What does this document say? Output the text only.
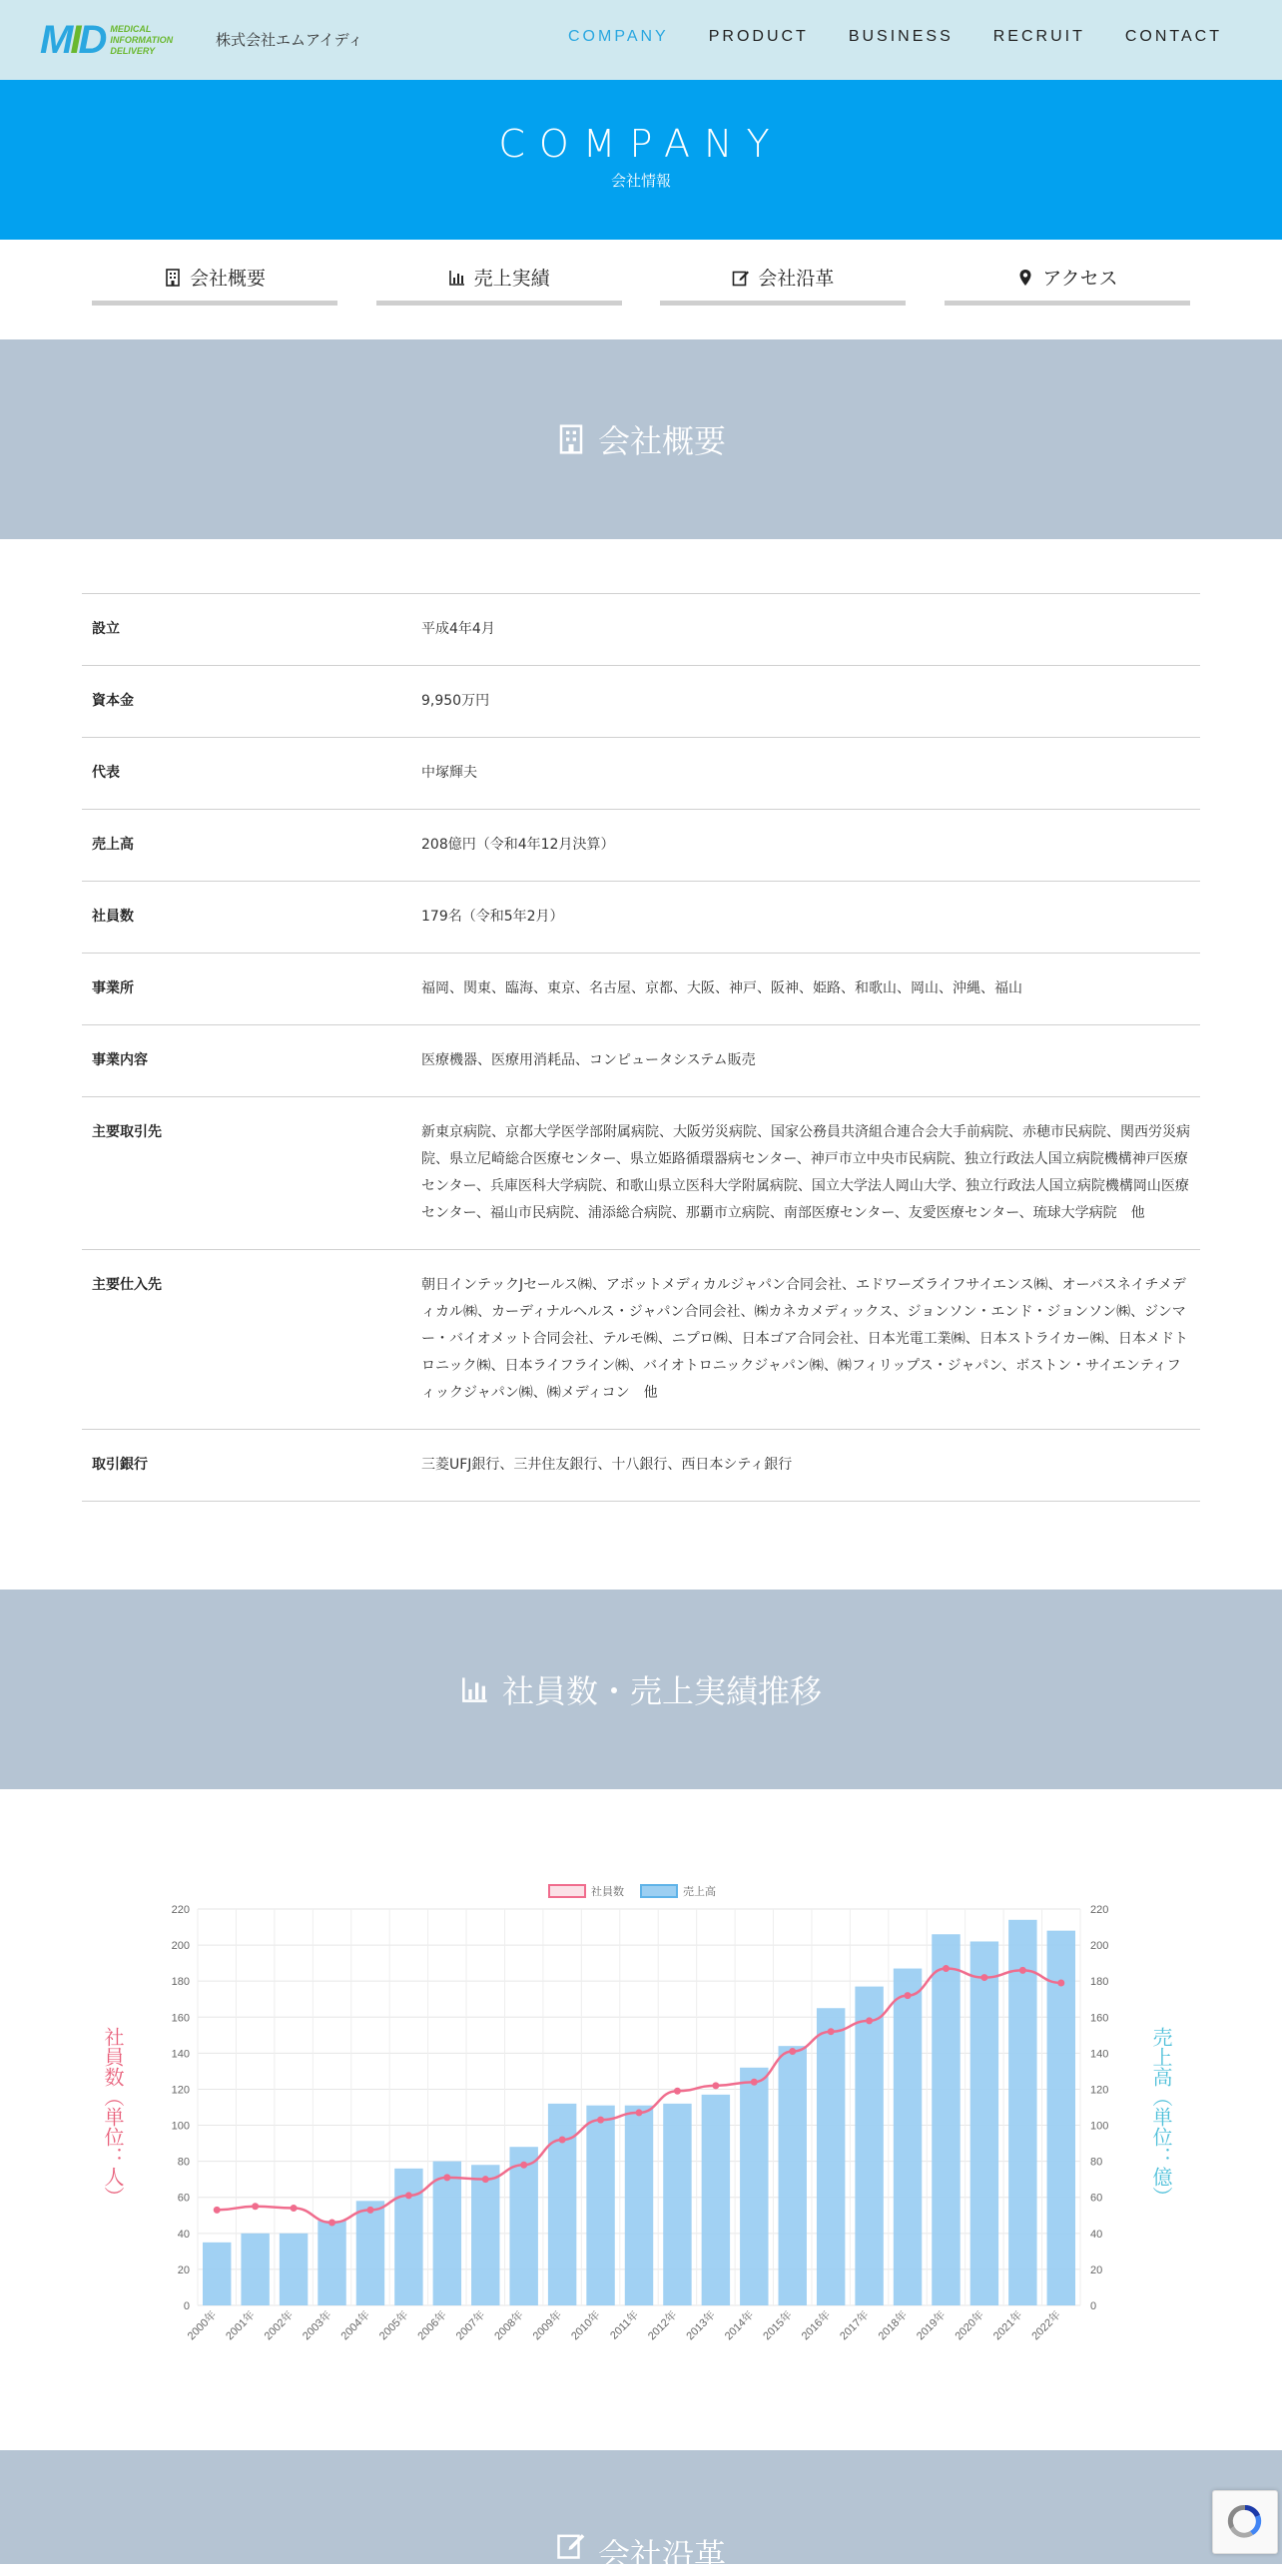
MID MEDICAL
INFORMATION
DELIVERY
株式会社エムアイディ	COMPANY	PRODUCT	BUSINESS	RECRUIT	CONTACT
COMPANY
会社情報
会社概要	売上実績	会社沿革	アクセス
会社概要
設立	平成4年4月
資本金	9,950万円
代表	中塚輝夫
売上高	208億円（令和4年12月決算）
社員数	179名（令和5年2月）
事業所	福岡、関東、臨海、東京、名古屋、京都、大阪、神戸、阪神、姫路、和歌山、岡山、沖縄、福山
事業内容	医療機器、医療用消耗品、コンピュータシステム販売
主要取引先	新東京病院、京都大学医学部附属病院、大阪労災病院、国家公務員共済組合連合会大手前病院、赤穂市民病院、関西労災病院、県立尼崎総合医療センター、県立姫路循環器病センター、神戸市立中央市民病院、独立行政法人国立病院機構神戸医療センター、兵庫医科大学病院、和歌山県立医科大学附属病院、国立大学法人岡山大学、独立行政法人国立病院機構岡山医療センター、福山市民病院、浦添総合病院、那覇市立病院、南部医療センター、友愛医療センター、琉球大学病院　他
主要仕入先	朝日インテックJセールス㈱、アボットメディカルジャパン合同会社、エドワーズライフサイエンス㈱、オーバスネイチメディカル㈱、カーディナルヘルス・ジャパン合同会社、㈱カネカメディックス、ジョンソン・エンド・ジョンソン㈱、ジンマー・バイオメット合同会社、テルモ㈱、ニプロ㈱、日本ゴア合同会社、日本光電工業㈱、日本ストライカー㈱、日本メドトロニック㈱、日本ライフライン㈱、バイオトロニックジャパン㈱、㈱フィリップス・ジャパン、ボストン・サイエンティフィックジャパン㈱、㈱メディコン　他
取引銀行	三菱UFJ銀行、三井住友銀行、十八銀行、西日本シティ銀行
社員数・売上実績推移
社員数（単位：人）	売上高（単位：億）
0	0
20	20
40	40
60	60
80	80
100	100
120	120
140	140
160	160
180	180
200	200
220	220
2000年 2001年 2002年 2003年 2004年 2005年 2006年 2007年 2008年 2009年 2010年 2011年 2012年 2013年 2014年 2015年 2016年 2017年 2018年 2019年 2020年 2021年 2022年
社員数	売上高
会社沿革
